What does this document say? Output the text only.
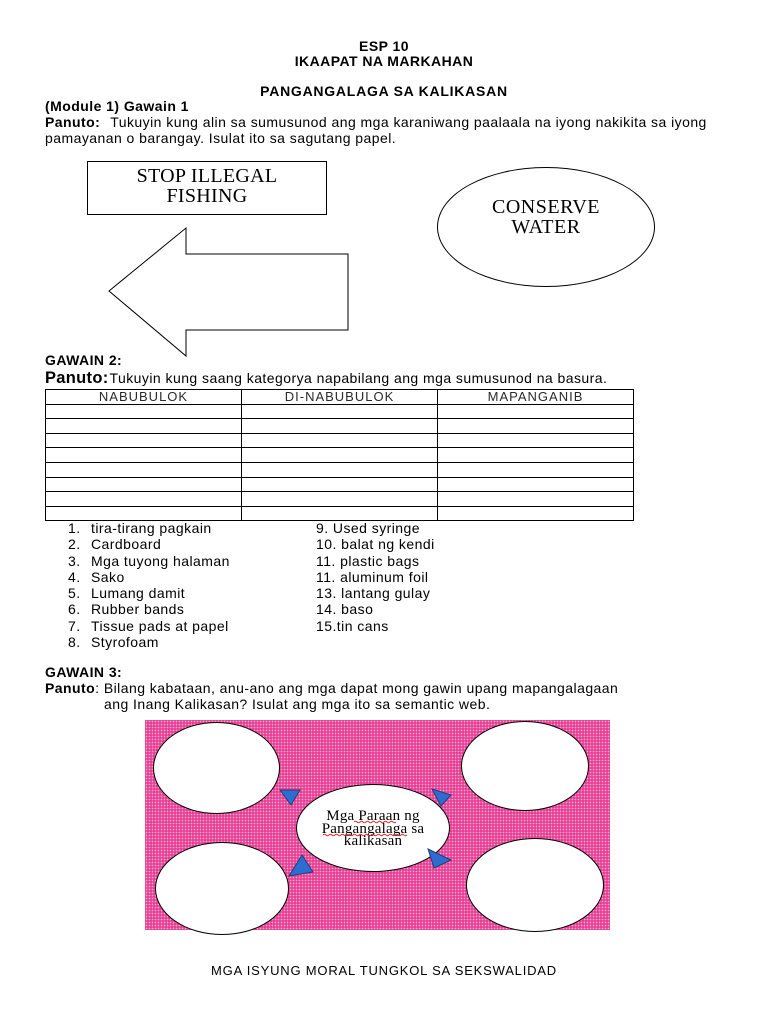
ESP 10
IKAAPAT NA MARKAHAN
PANGANGALAGA SA KALIKASAN
(Module 1) Gawain 1
Panuto: Tukuyin kung alin sa sumusunod ang mga karaniwang paalaala na iyong nakikita sa iyong
pamayanan o barangay. Isulat ito sa sagutang papel.
STOP ILLEGAL
FISHING	CONSERVE
WATER
GAWAIN 2:
Panuto:Tukuyin kung saang kategorya napabilang ang mga sumusunod na basura.
NABUBULOK	DI-NABUBULOK	MAPANGANIB
1. tira-tirang pagkain
2. Cardboard
3. Mga tuyong halaman
4. Sako
5. Lumang damit
6. Rubber bands
7. Tissue pads at papel
8. Styrofoam
9. Used syringe
10. balat ng kendi
11. plastic bags
11. aluminum foil
13. lantang gulay
14. baso
15.tin cans
GAWAIN 3:
Panuto: Bilang kabataan, anu-ano ang mga dapat mong gawin upang mapangalagaan
ang Inang Kalikasan? Isulat ang mga ito sa semantic web.
Mga Paraan ng
Pangangalaga sa
kalikasan
MGA ISYUNG MORAL TUNGKOL SA SEKSWALIDAD
